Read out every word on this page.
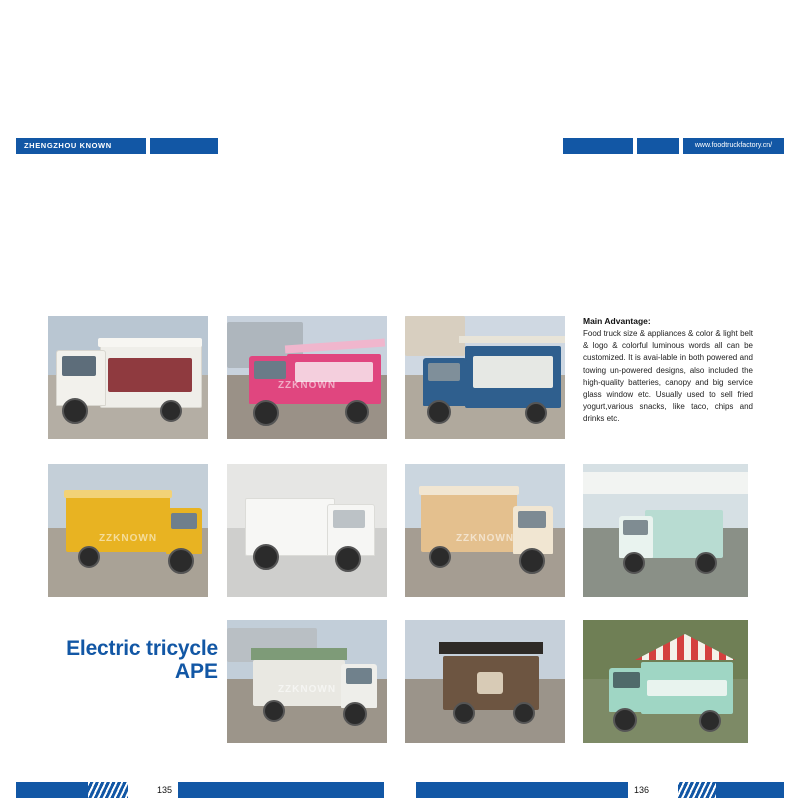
ZHENGZHOU KNOWN	www.foodtruckfactory.cn/
ZZKNOWN
Main Advantage:

Food truck size & appliances & color & light belt & logo & colorful luminous words all can be customized. It is avai-lable in both powered and towing un-powered designs, also included the high-quality batteries, canopy and big service glass window etc. Usually used to sell fried yogurt,various snacks, like taco, chips and drinks etc.

ZZKNOWN	ZZKNOWN
Electric tricycle
APE
ZZKNOWN
135	136
